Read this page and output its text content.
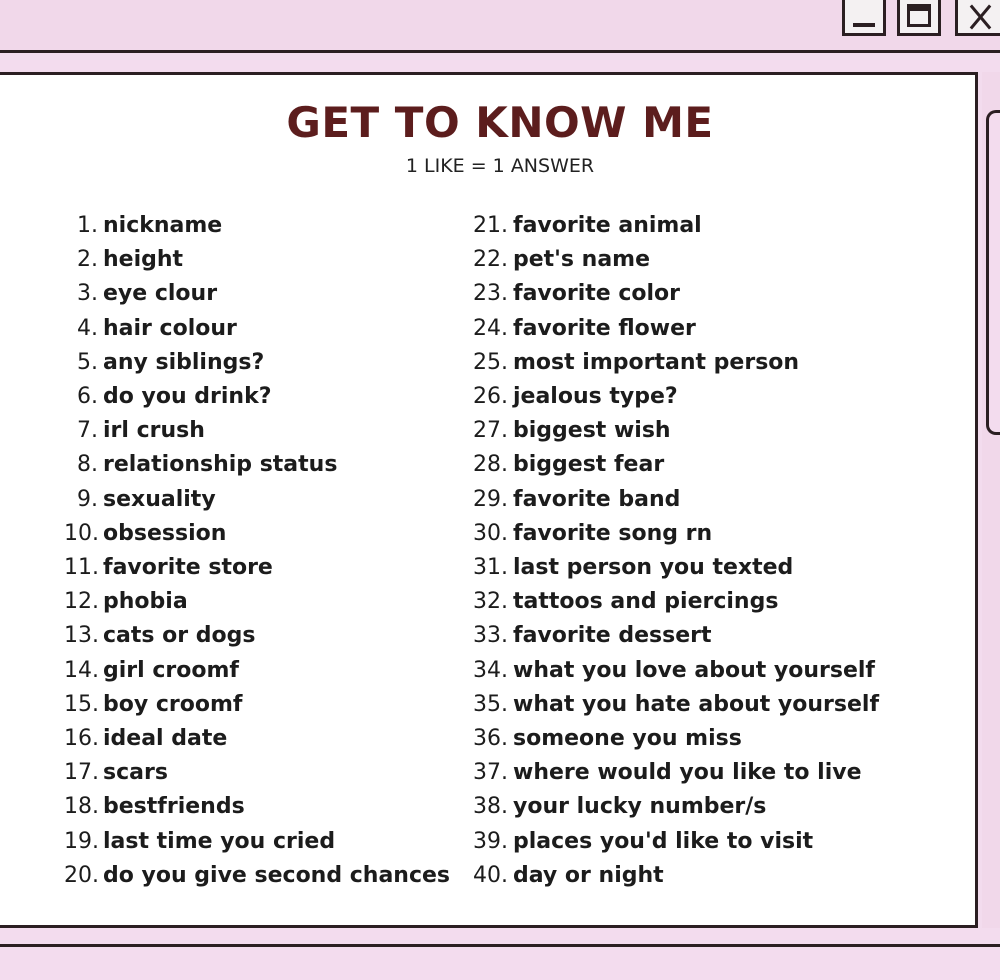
GET TO KNOW ME
1 LIKE = 1 ANSWER
1. nickname
2. height
3. eye clour
4. hair colour
5. any siblings?
6. do you drink?
7. irl crush
8. relationship status
9. sexuality
10. obsession
11. favorite store
12. phobia
13. cats or dogs
14. girl croomf
15. boy croomf
16. ideal date
17. scars
18. bestfriends
19. last time you cried
20. do you give second chances
21. favorite animal
22. pet's name
23. favorite color
24. favorite flower
25. most important person
26. jealous type?
27. biggest wish
28. biggest fear
29. favorite band
30. favorite song rn
31. last person you texted
32. tattoos and piercings
33. favorite dessert
34. what you love about yourself
35. what you hate about yourself
36. someone you miss
37. where would you like to live
38. your lucky number/s
39. places you'd like to visit
40. day or night
